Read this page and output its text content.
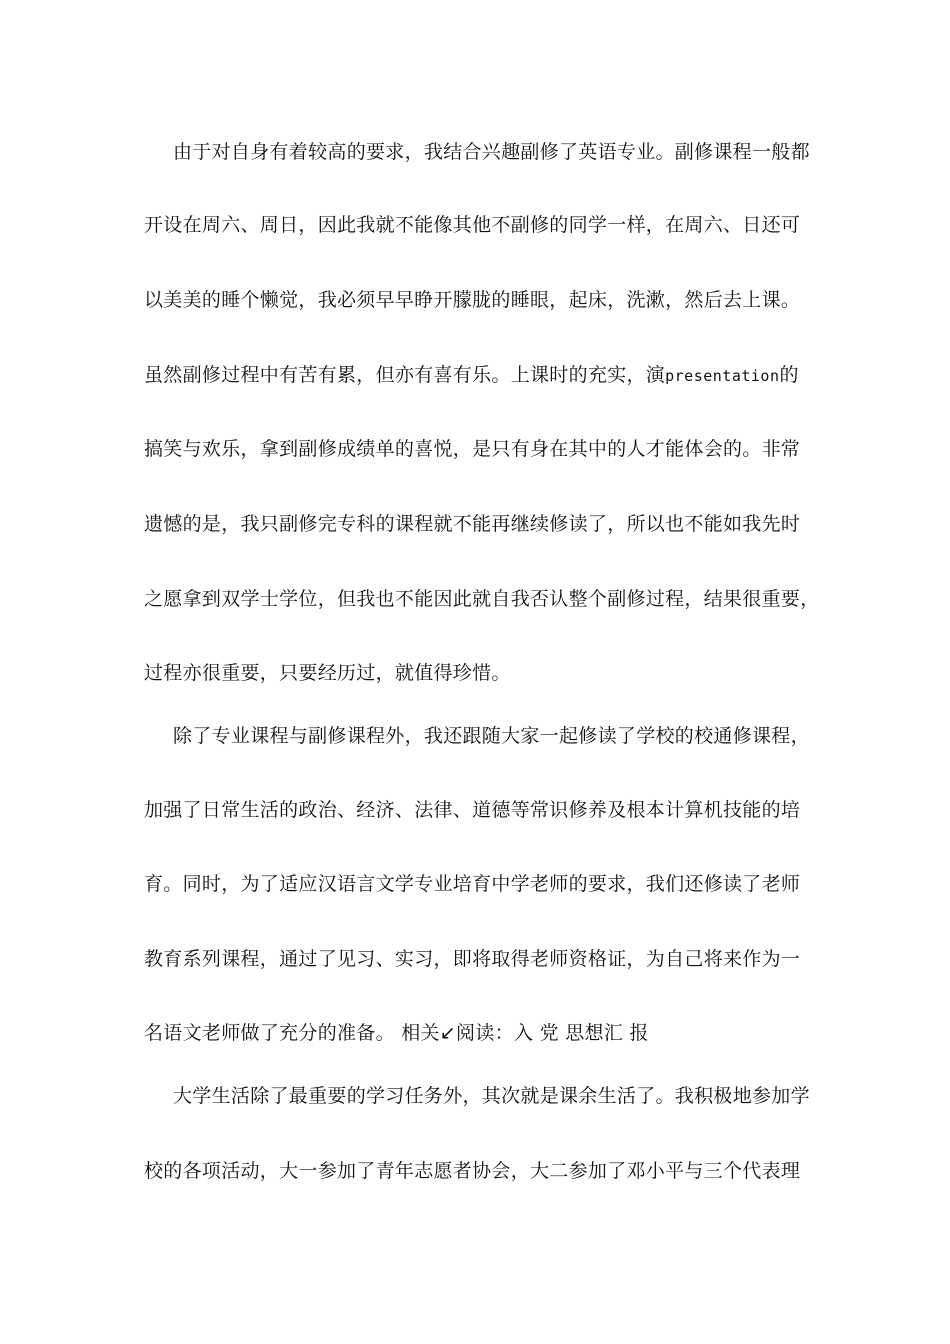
由于对自身有着较高的要求，我结合兴趣副修了英语专业。副修课程一般都
开设在周六、周日，因此我就不能像其他不副修的同学一样，在周六、日还可
以美美的睡个懒觉，我必须早早睁开朦胧的睡眼，起床，洗漱，然后去上课。
虽然副修过程中有苦有累，但亦有喜有乐。上课时的充实，演presentation的
搞笑与欢乐，拿到副修成绩单的喜悦，是只有身在其中的人才能体会的。非常
遗憾的是，我只副修完专科的课程就不能再继续修读了，所以也不能如我先时
之愿拿到双学士学位，但我也不能因此就自我否认整个副修过程，结果很重要，
过程亦很重要，只要经历过，就值得珍惜。
除了专业课程与副修课程外，我还跟随大家一起修读了学校的校通修课程，
加强了日常生活的政治、经济、法律、道德等常识修养及根本计算机技能的培
育。同时，为了适应汉语言文学专业培育中学老师的要求，我们还修读了老师
教育系列课程，通过了见习、实习，即将取得老师资格证，为自己将来作为一
名语文老师做了充分的准备。 相关↙阅读：入 党 思想汇 报
大学生活除了最重要的学习任务外，其次就是课余生活了。我积极地参加学
校的各项活动，大一参加了青年志愿者协会，大二参加了邓小平与三个代表理
